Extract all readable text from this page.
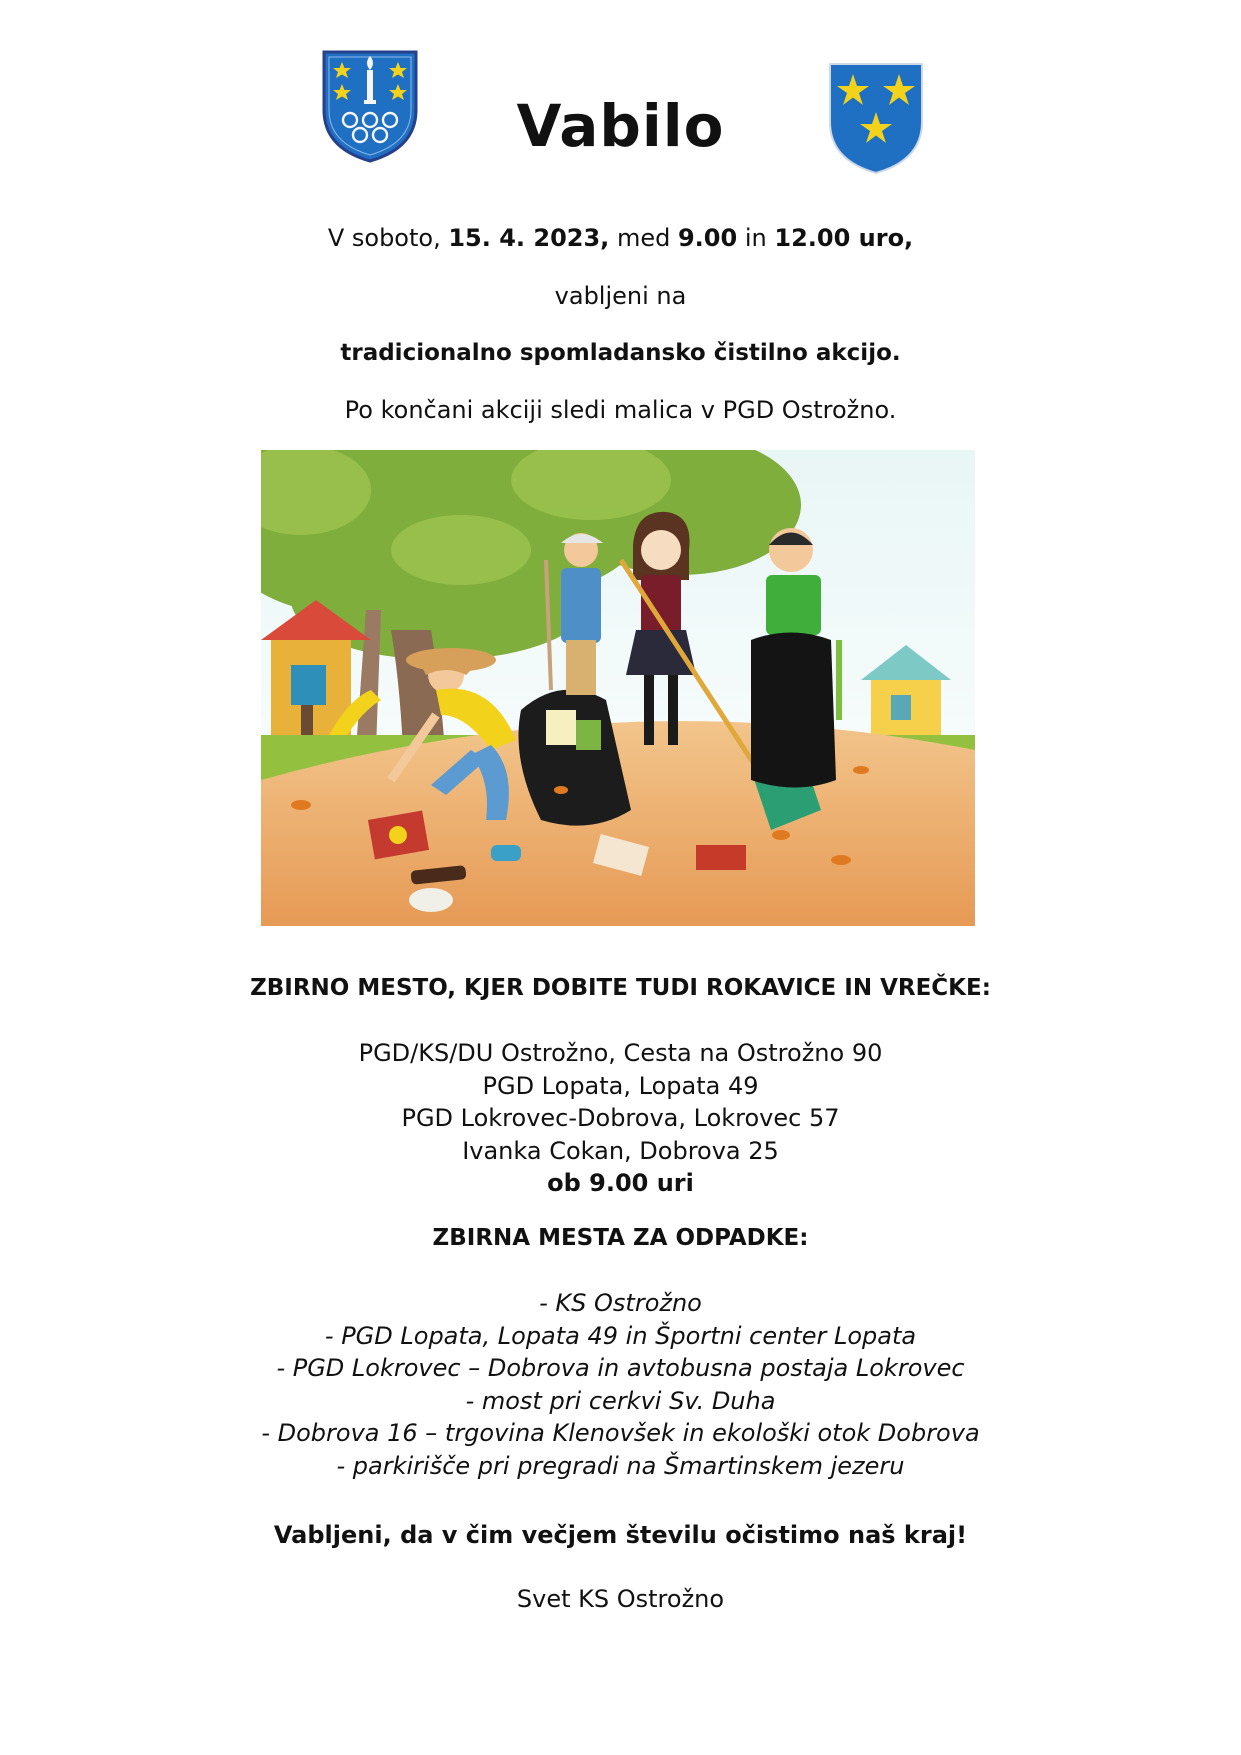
Vabilo
V soboto, 15. 4. 2023, med 9.00 in 12.00 uro,
vabljeni na
tradicionalno spomladansko čistilno akcijo.
Po končani akciji sledi malica v PGD Ostrožno.
ZBIRNO MESTO, KJER DOBITE TUDI ROKAVICE IN VREČKE:
PGD/KS/DU Ostrožno, Cesta na Ostrožno 90
PGD Lopata, Lopata 49
PGD Lokrovec-Dobrova, Lokrovec 57
Ivanka Cokan, Dobrova 25
ob 9.00 uri
ZBIRNA MESTA ZA ODPADKE:
- KS Ostrožno
- PGD Lopata, Lopata 49 in Športni center Lopata
- PGD Lokrovec – Dobrova in avtobusna postaja Lokrovec
- most pri cerkvi Sv. Duha
- Dobrova 16 – trgovina Klenovšek in ekološki otok Dobrova
- parkirišče pri pregradi na Šmartinskem jezeru
Vabljeni, da v čim večjem številu očistimo naš kraj!
Svet KS Ostrožno
